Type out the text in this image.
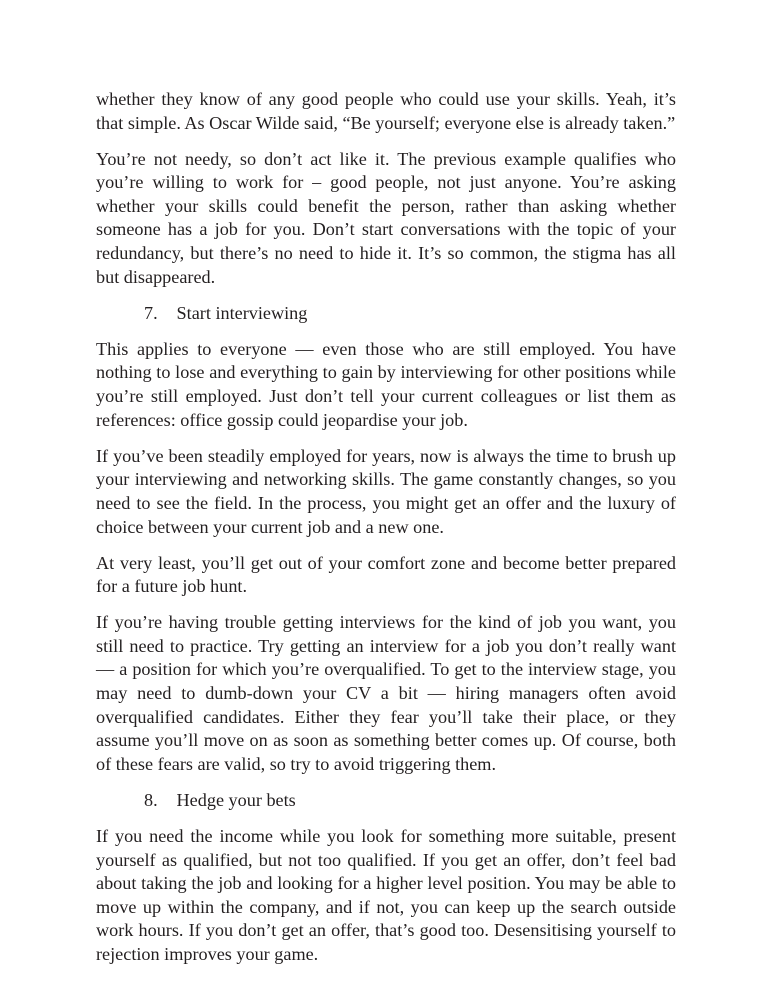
whether they know of any good people who could use your skills. Yeah, it’s that simple. As Oscar Wilde said, “Be yourself; everyone else is already taken.”

You’re not needy, so don’t act like it. The previous example qualifies who you’re willing to work for – good people, not just anyone. You’re asking whether your skills could benefit the person, rather than asking whether someone has a job for you. Don’t start conversations with the topic of your redundancy, but there’s no need to hide it. It’s so common, the stigma has all but disappeared.

7. Start interviewing

This applies to everyone — even those who are still employed. You have nothing to lose and everything to gain by interviewing for other positions while you’re still employed. Just don’t tell your current colleagues or list them as references: office gossip could jeopardise your job.

If you’ve been steadily employed for years, now is always the time to brush up your interviewing and networking skills. The game constantly changes, so you need to see the field. In the process, you might get an offer and the luxury of choice between your current job and a new one.

At very least, you’ll get out of your comfort zone and become better prepared for a future job hunt.

If you’re having trouble getting interviews for the kind of job you want, you still need to practice. Try getting an interview for a job you don’t really want — a position for which you’re overqualified. To get to the interview stage, you may need to dumb-down your CV a bit — hiring managers often avoid overqualified candidates. Either they fear you’ll take their place, or they assume you’ll move on as soon as something better comes up. Of course, both of these fears are valid, so try to avoid triggering them.

8. Hedge your bets

If you need the income while you look for something more suitable, present yourself as qualified, but not too qualified. If you get an offer, don’t feel bad about taking the job and looking for a higher level position. You may be able to move up within the company, and if not, you can keep up the search outside work hours. If you don’t get an offer, that’s good too. Desensitising yourself to rejection improves your game.
